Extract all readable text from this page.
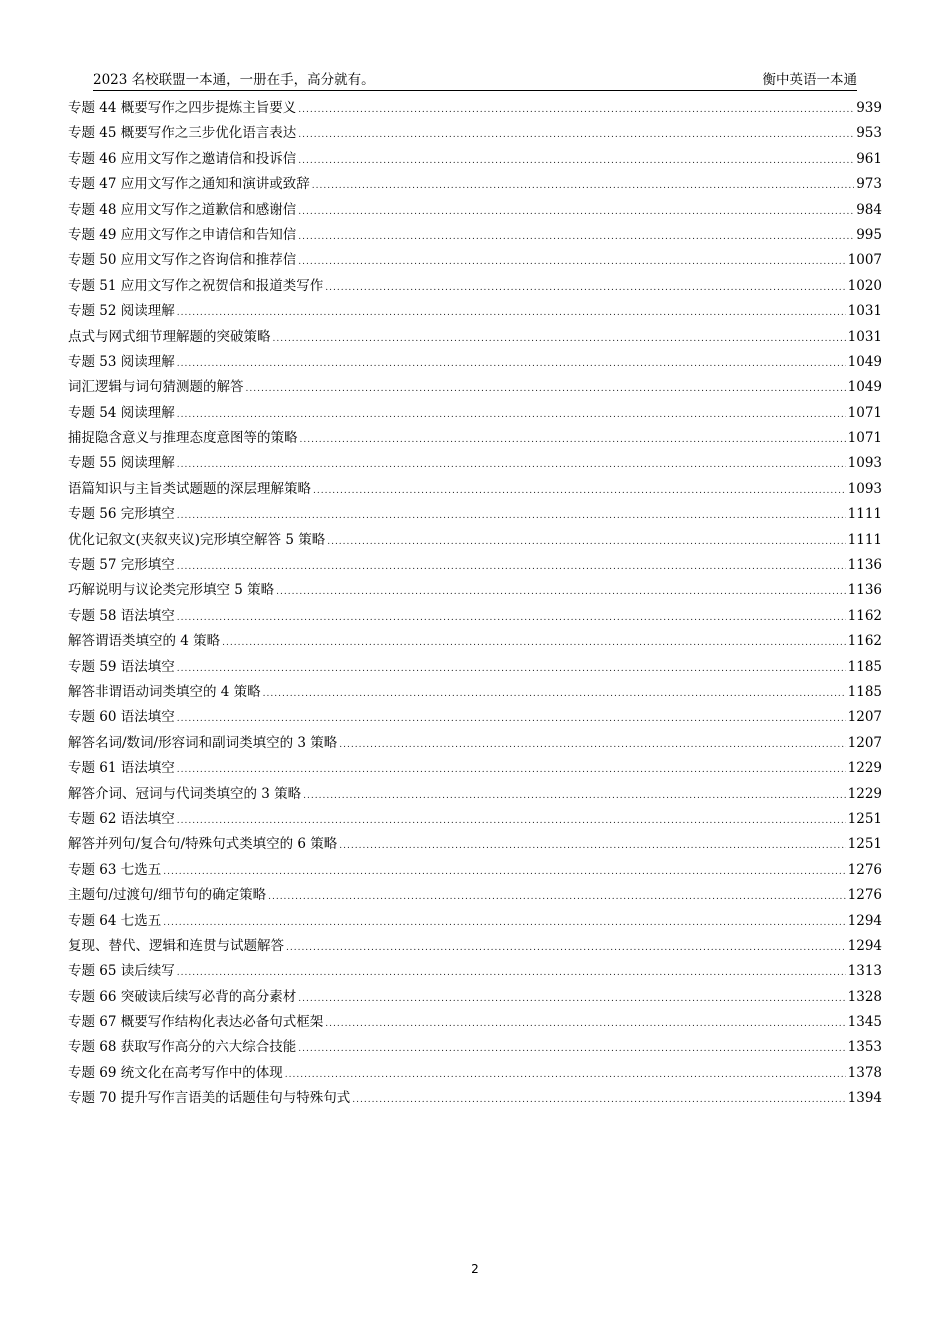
2023 名校联盟一本通，一册在手，高分就有。	衡中英语一本通
专题 44 概要写作之四步提炼主旨要义 .....	939
专题 45 概要写作之三步优化语言表达 .....	953
专题 46 应用文写作之邀请信和投诉信 .....	961
专题 47 应用文写作之通知和演讲或致辞 .....	973
专题 48 应用文写作之道歉信和感谢信 .....	984
专题 49 应用文写作之申请信和告知信 .....	995
专题 50 应用文写作之咨询信和推荐信 .....	1007
专题 51 应用文写作之祝贺信和报道类写作 .....	1020
专题 52 阅读理解 .....	1031
点式与网式细节理解题的突破策略 .....	1031
专题 53 阅读理解 .....	1049
词汇逻辑与词句猜测题的解答 .....	1049
专题 54 阅读理解 .....	1071
捕捉隐含意义与推理态度意图等的策略 .....	1071
专题 55 阅读理解 .....	1093
语篇知识与主旨类试题题的深层理解策略 .....	1093
专题 56 完形填空 .....	1111
优化记叙文(夹叙夹议)完形填空解答 5 策略 .....	1111
专题 57 完形填空 .....	1136
巧解说明与议论类完形填空 5 策略 .....	1136
专题 58 语法填空 .....	1162
解答谓语类填空的 4 策略 .....	1162
专题 59 语法填空 .....	1185
解答非谓语动词类填空的 4 策略 .....	1185
专题 60 语法填空 .....	1207
解答名词/数词/形容词和副词类填空的 3 策略 .....	1207
专题 61 语法填空 .....	1229
解答介词、冠词与代词类填空的 3 策略 .....	1229
专题 62 语法填空 .....	1251
解答并列句/复合句/特殊句式类填空的 6 策略 .....	1251
专题 63 七选五 .....	1276
主题句/过渡句/细节句的确定策略 .....	1276
专题 64 七选五 .....	1294
复现、替代、逻辑和连贯与试题解答 .....	1294
专题 65 读后续写 .....	1313
专题 66 突破读后续写必背的高分素材 .....	1328
专题 67 概要写作结构化表达必备句式框架 .....	1345
专题 68 获取写作高分的六大综合技能 .....	1353
专题 69 统文化在高考写作中的体现 .....	1378
专题 70 提升写作言语美的话题佳句与特殊句式 .....	1394
2
